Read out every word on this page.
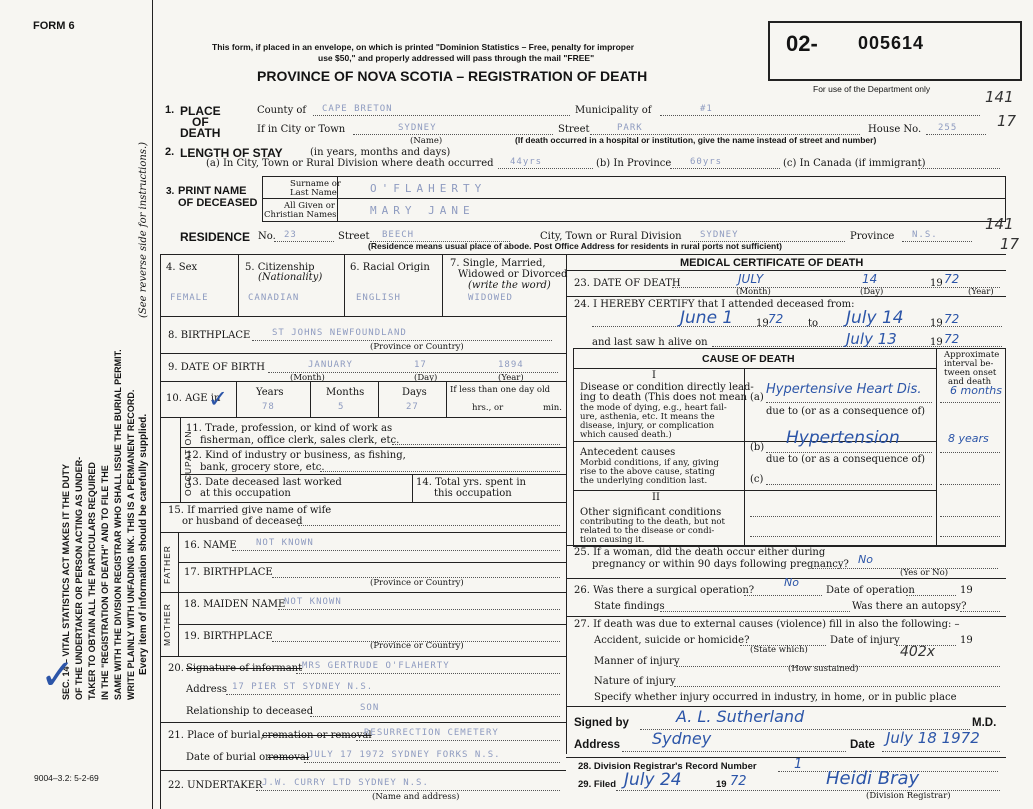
FORM 6
This form, if placed in an envelope, on which is printed "Dominion Statistics – Free, penalty for improper
use $50," and properly addressed will pass through the mail "FREE"
PROVINCE OF NOVA SCOTIA – REGISTRATION OF DEATH
02- 005614
For use of the Department only
SEC. 14 – VITAL STATISTICS ACT MAKES IT THE DUTY OF THE UNDERTAKER OR PERSON ACTING AS UNDER- TAKER TO OBTAIN ALL THE PARTICULARS REQUIRED IN THE "REGISTRATION OF DEATH" AND TO FILE THE SAME WITH THE DIVISION REGISTRAR WHO SHALL ISSUE THE BURIAL PERMIT. WRITE PLAINLY WITH UNFADING INK. THIS IS A PERMANENT RECORD. Every item of information should be carefully supplied.
(See reverse side for instructions.)
9004–3.2: 5-2-69
✓
141
17
141
17
1. PLACE
OF
DEATH
County of CAPE BRETON	Municipality of	#1
If in City or Town	SYDNEY	Street	PARK	House No. 255
(Name)	(If death occurred in a hospital or institution, give the name instead of street and number)
2. LENGTH OF STAY	(in years, months and days)
(a) In City, Town or Rural Division where death occurred 44yrs	(b) In Province 60yrs	(c) In Canada (if immigrant)
3. PRINT NAME
OF DECEASED
Surname or
Last Name
All Given or
Christian Names
O'FLAHERTY
MARY JANE
RESIDENCE No. 23	Street BEECH	City, Town or Rural Division SYDNEY	Province N.S.
(Residence means usual place of abode. Post Office Address for residents in rural ports not sufficient)
4. Sex	5. Citizenship
(Nationality)
6. Racial Origin 7. Single, Married,
Widowed or Divorced
(write the word)
FEMALE	CANADIAN	ENGLISH	WIDOWED
8. BIRTHPLACE ST JOHNS NEWFOUNDLAND
(Province or Country)
9. DATE OF BIRTH	JANUARY	17	1894
(Month)	(Day)	(Year)
10. AGE in
✓	Years	Months	Days
78	5	27
If less than one day old
hrs., or	min.
OCCUPATION
11. Trade, profession, or kind of work as
fisherman, office clerk, sales clerk, etc.
12. Kind of industry or business, as fishing,
bank, grocery store, etc.
13. Date deceased last worked
at this occupation
14. Total yrs. spent in
this occupation
15. If married give name of wife
or husband of deceased
FATHER
MOTHER
16. NAME NOT KNOWN
17. BIRTHPLACE
(Province or Country)
18. MAIDEN NAME
NOT KNOWN
19. BIRTHPLACE
(Province or Country)
20. Signature of informant MRS GERTRUDE O'FLAHERTY
Address 17 PIER ST SYDNEY N.S.
Relationship to deceased	SON
21. Place of burial,
cremation or removal
RESURRECTION CEMETERY
Date of burial or
removal
JULY 17 1972 SYDNEY FORKS N.S.
22. UNDERTAKER J.W. CURRY LTD SYDNEY N.S.
(Name and address)
MEDICAL CERTIFICATE OF DEATH
23. DATE OF DEATH	JULY	14	19 72
(Month)	(Day)	(Year)
24. I HEREBY CERTIFY that I attended deceased from:
June 1 19 72 to July 14	19 72
and last saw h alive on	July 13	19 72
CAUSE OF DEATH	Approximate
interval be-
tween onset
and death
I
Disease or condition directly lead-
ing to death (This does not mean
the mode of dying, e.g., heart fail-
ure, asthenia, etc. It means the
disease, injury, or complication
which caused death.)
(a)
Hypertensive Heart Dis.	6 months
due to (or as a consequence of)
(b) Hypertension	8 years
Antecedent causes
Morbid conditions, if any, giving
rise to the above cause, stating
the underlying condition last.
due to (or as a consequence of)
(c)
II
Other significant conditions
contributing to the death, but not
related to the disease or condi-
tion causing it.
25. If a woman, did the death occur either during
pregnancy or within 90 days following pregnancy? No
(Yes or No)
26. Was there a surgical operation?
No
Date of operation	19
State findings	Was there an autopsy?
27. If death was due to external causes (violence) fill in also the following: –
Accident, suicide or homicide?	Date of injury	19
(State which)
Manner of injury
402x
(How sustained)
Nature of injury
Specify whether injury occurred in industry, in home, or in public place
Signed by	A. L. Sutherland	M.D.
Address Sydney	Date July 18 1972
28. Division Registrar's Record Number	1
29. Filed July 24	19 72	Heidi Bray
(Division Registrar)
